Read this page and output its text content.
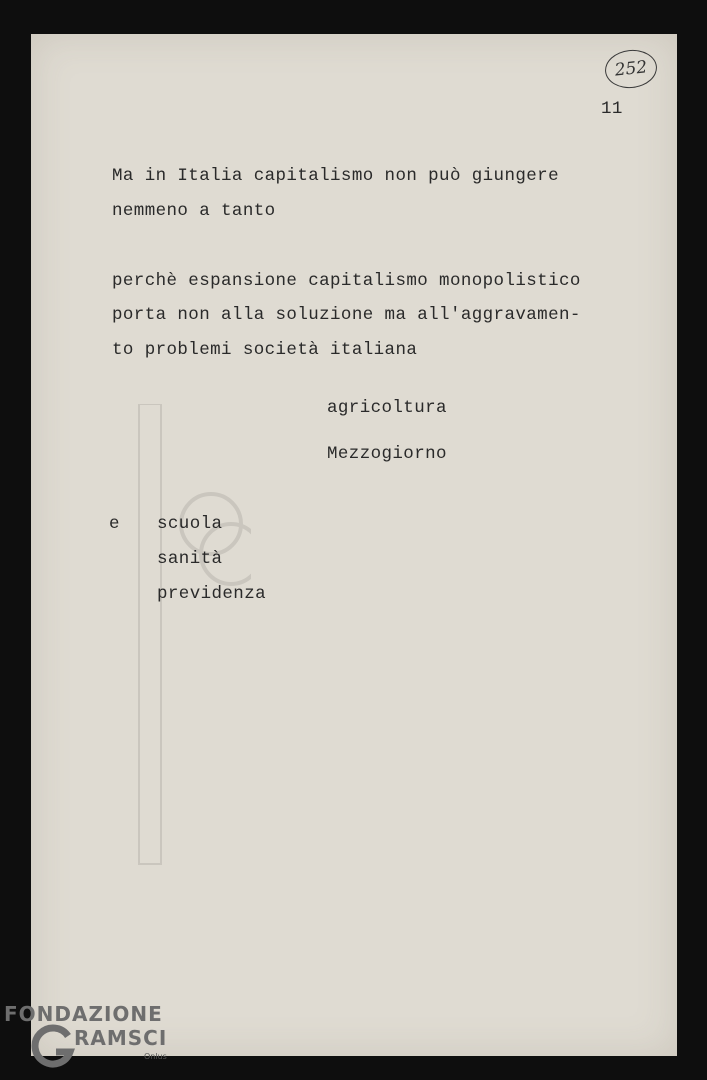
252
11
Ma in Italia capitalismo non può giungere
nemmeno a tanto
perchè espansione capitalismo monopolistico
porta non alla soluzione ma all'aggravamen-
to problemi società italiana
agricoltura
Mezzogiorno
e scuola
sanità
previdenza
FONDAZIONE
RAMSCI
Onlus
